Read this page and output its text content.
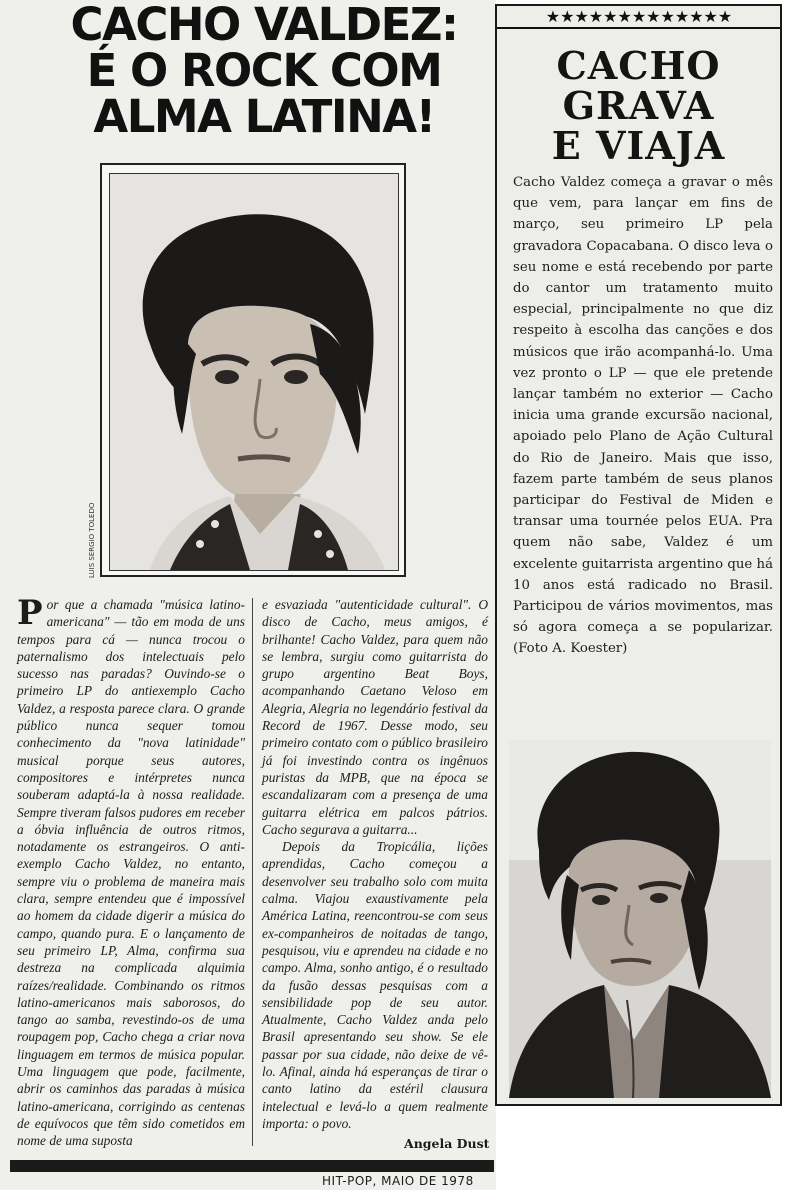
CACHO VALDEZ:
É O ROCK COM
ALMA LATINA!
LUIS SERGIO TOLEDO

Por que a chamada "música latino-americana" — tão em moda de uns tempos para cá — nunca trocou o paternalismo dos intelectuais pelo sucesso nas paradas? Ouvindo-se o primeiro LP do antiexemplo Cacho Valdez, a resposta parece clara. O grande público nunca sequer tomou conhecimento da "nova latinidade" musical porque seus autores, compositores e intérpretes nunca souberam adaptá-la à nossa realidade. Sempre tiveram falsos pudores em receber a óbvia influência de outros ritmos, notadamente os estrangeiros. O anti-exemplo Cacho Valdez, no entanto, sempre viu o problema de maneira mais clara, sempre entendeu que é impossível ao homem da cidade digerir a música do campo, quando pura. E o lançamento de seu primeiro LP, Alma, confirma sua destreza na complicada alquimia raízes/realidade. Combinando os ritmos latino-americanos mais saborosos, do tango ao samba, revestindo-os de uma roupagem pop, Cacho chega a criar nova linguagem em termos de música popular. Uma linguagem que pode, facilmente, abrir os caminhos das paradas à música latino-americana, corrigindo as centenas de equívocos que têm sido cometidos em nome de uma suposta

e esvaziada "autenticidade cultural". O disco de Cacho, meus amigos, é brilhante! Cacho Valdez, para quem não se lembra, surgiu como guitarrista do grupo argentino Beat Boys, acompanhando Caetano Veloso em Alegria, Alegria no legendário festival da Record de 1967. Desse modo, seu primeiro contato com o público brasileiro já foi investindo contra os ingênuos puristas da MPB, que na época se escandalizaram com a presença de uma guitarra elétrica em palcos pátrios. Cacho segurava a guitarra...

Depois da Tropicália, lições aprendidas, Cacho começou a desenvolver seu trabalho solo com muita calma. Viajou exaustivamente pela América Latina, reencontrou-se com seus ex-companheiros de noitadas de tango, pesquisou, viu e aprendeu na cidade e no campo. Alma, sonho antigo, é o resultado da fusão dessas pesquisas com a sensibilidade pop de seu autor. Atualmente, Cacho Valdez anda pelo Brasil apresentando seu show. Se ele passar por sua cidade, não deixe de vê-lo. Afinal, ainda há esperanças de tirar o canto latino da estéril clausura intelectual e levá-lo a quem realmente importa: o povo.

Angela Dust
HIT-POP, MAIO DE 1978
★★★★★★★★★★★★★
CACHO
GRAVA
E VIAJA
Cacho Valdez começa a gravar o mês que vem, para lançar em fins de março, seu primeiro LP pela gravadora Copacabana. O disco leva o seu nome e está recebendo por parte do cantor um tratamento muito especial, principalmente no que diz respeito à escolha das canções e dos músicos que irão acompanhá-lo. Uma vez pronto o LP — que ele pretende lançar também no exterior — Cacho inicia uma grande excursão nacional, apoiado pelo Plano de Ação Cultural do Rio de Janeiro. Mais que isso, fazem parte também de seus planos participar do Festival de Miden e transar uma tournée pelos EUA. Pra quem não sabe, Valdez é um excelente guitarrista argentino que há 10 anos está radicado no Brasil. Participou de vários movimentos, mas só agora começa a se popularizar. (Foto A. Koester)
